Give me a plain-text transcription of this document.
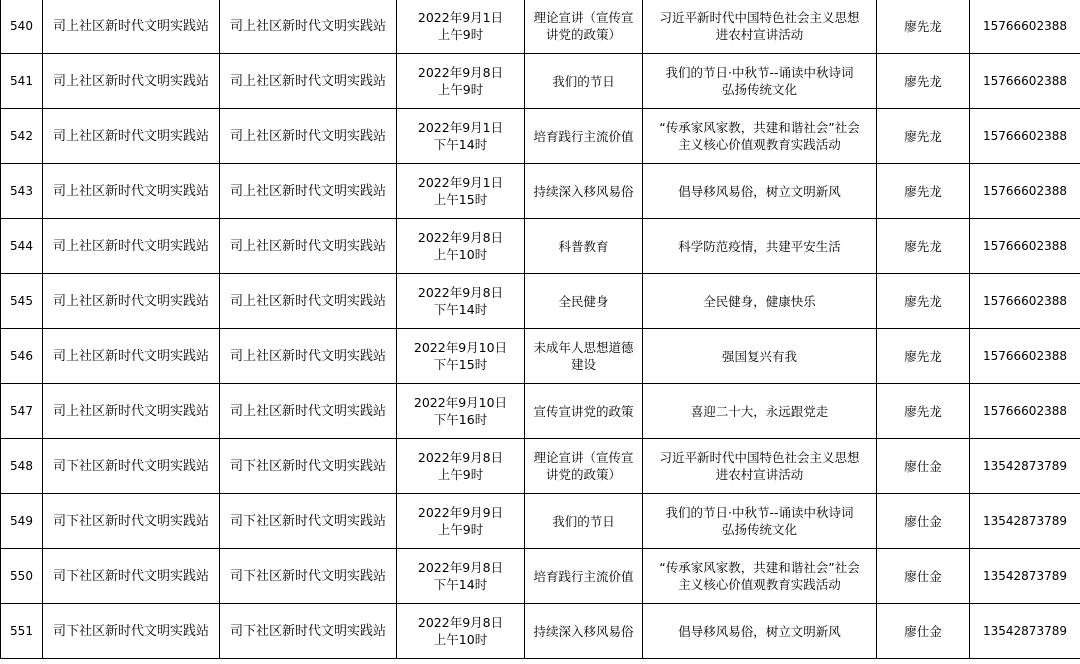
540	司上社区新时代文明实践站	司上社区新时代文明实践站	2022年9月1日
上午9时	理论宣讲（宣传宣
讲党的政策）	习近平新时代中国特色社会主义思想
进农村宣讲活动	廖先龙	15766602388
541	司上社区新时代文明实践站	司上社区新时代文明实践站	2022年9月8日
上午9时	我们的节日	我们的节日·中秋节--诵读中秋诗词
弘扬传统文化	廖先龙	15766602388
542	司上社区新时代文明实践站	司上社区新时代文明实践站	2022年9月1日
下午14时	培育践行主流价值	“传承家风家教，共建和谐社会”社会
主义核心价值观教育实践活动	廖先龙	15766602388
543	司上社区新时代文明实践站	司上社区新时代文明实践站	2022年9月1日
上午15时	持续深入移风易俗	倡导移风易俗，树立文明新风	廖先龙	15766602388
544	司上社区新时代文明实践站	司上社区新时代文明实践站	2022年9月8日
上午10时	科普教育	科学防范疫情，共建平安生活	廖先龙	15766602388
545	司上社区新时代文明实践站	司上社区新时代文明实践站	2022年9月8日
下午14时	全民健身	全民健身，健康快乐	廖先龙	15766602388
546	司上社区新时代文明实践站	司上社区新时代文明实践站	2022年9月10日
下午15时	未成年人思想道德
建设	强国复兴有我	廖先龙	15766602388
547	司上社区新时代文明实践站	司上社区新时代文明实践站	2022年9月10日
下午16时	宣传宣讲党的政策	喜迎二十大，永远跟党走	廖先龙	15766602388
548	司下社区新时代文明实践站	司下社区新时代文明实践站	2022年9月8日
上午9时	理论宣讲（宣传宣
讲党的政策）	习近平新时代中国特色社会主义思想
进农村宣讲活动	廖仕金	13542873789
549	司下社区新时代文明实践站	司下社区新时代文明实践站	2022年9月9日
上午9时	我们的节日	我们的节日·中秋节--诵读中秋诗词
弘扬传统文化	廖仕金	13542873789
550	司下社区新时代文明实践站	司下社区新时代文明实践站	2022年9月8日
下午14时	培育践行主流价值	“传承家风家教，共建和谐社会”社会
主义核心价值观教育实践活动	廖仕金	13542873789
551	司下社区新时代文明实践站	司下社区新时代文明实践站	2022年9月8日
上午10时	持续深入移风易俗	倡导移风易俗，树立文明新风	廖仕金	13542873789
